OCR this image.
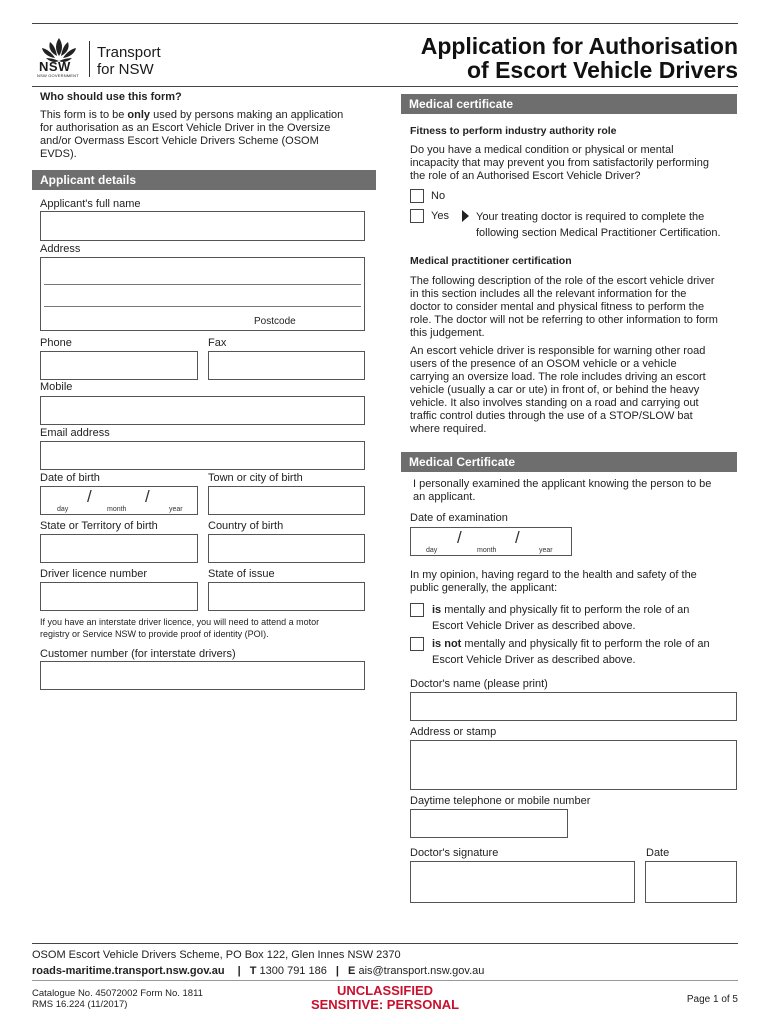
NSW
NSW GOVERNMENT
Transport
for NSW
Application for Authorisation
of Escort Vehicle Drivers
Who should use this form?
This form is to be only used by persons making an application
for authorisation as an Escort Vehicle Driver in the Oversize
and/or Overmass Escort Vehicle Drivers Scheme (OSOM
EVDS).
Applicant details
Applicant's full name
Address
Postcode
Phone	Fax
Mobile
Email address
Date of birth	Town or city of birth
/	/
day	month	year
State or Territory of birth	Country of birth
Driver licence number	State of issue
If you have an interstate driver licence, you will need to attend a motor
registry or Service NSW to provide proof of identity (POI).
Customer number (for interstate drivers)
Medical certificate
Fitness to perform industry authority role
Do you have a medical condition or physical or mental
incapacity that may prevent you from satisfactorily performing
the role of an Authorised Escort Vehicle Driver?
No
Yes Your treating doctor is required to complete the
following section Medical Practitioner Certification.
Medical practitioner certification
The following description of the role of the escort vehicle driver
in this section includes all the relevant information for the
doctor to consider mental and physical fitness to perform the
role. The doctor will not be referring to other information to form
this judgement.
An escort vehicle driver is responsible for warning other road
users of the presence of an OSOM vehicle or a vehicle
carrying an oversize load. The role includes driving an escort
vehicle (usually a car or ute) in front of, or behind the heavy
vehicle. It also involves standing on a road and carrying out
traffic control duties through the use of a STOP/SLOW bat
where required.
Medical Certificate
I personally examined the applicant knowing the person to be
an applicant.
Date of examination
/	/
day	month	year
In my opinion, having regard to the health and safety of the
public generally, the applicant:
is mentally and physically fit to perform the role of an
Escort Vehicle Driver as described above.
is not mentally and physically fit to perform the role of an
Escort Vehicle Driver as described above.
Doctor's name (please print)
Address or stamp
Daytime telephone or mobile number
Doctor's signature	Date
OSOM Escort Vehicle Drivers Scheme, PO Box 122, Glen Innes NSW 2370
roads-maritime.transport.nsw.gov.au | T 1300 791 186 | E ais@transport.nsw.gov.au
Catalogue No. 45072002 Form No. 1811
RMS 16.224 (11/2017)
UNCLASSIFIED
SENSITIVE: PERSONAL	Page 1 of 5
